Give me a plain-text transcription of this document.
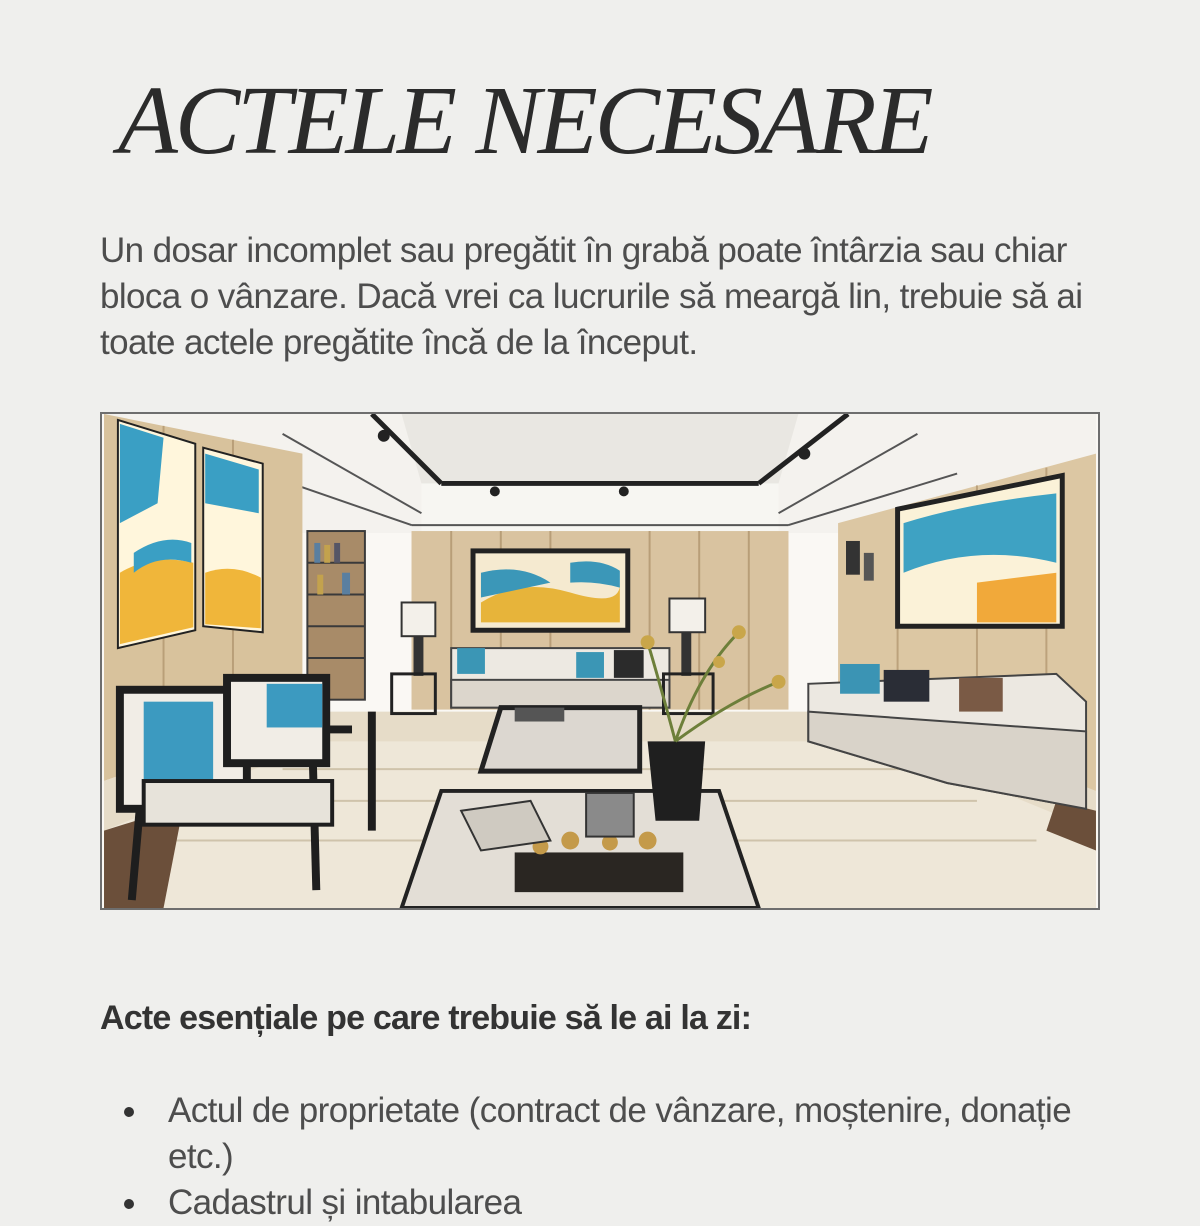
ACTELE NECESARE
Un dosar incomplet sau pregătit în grabă poate întârzia sau chiar bloca o vânzare. Dacă vrei ca lucrurile să meargă lin, trebuie să ai toate actele pregătite încă de la început.
Acte esențiale pe care trebuie să le ai la zi:
Actul de proprietate (contract de vânzare, moștenire, donație etc.)
Cadastrul și intabularea
